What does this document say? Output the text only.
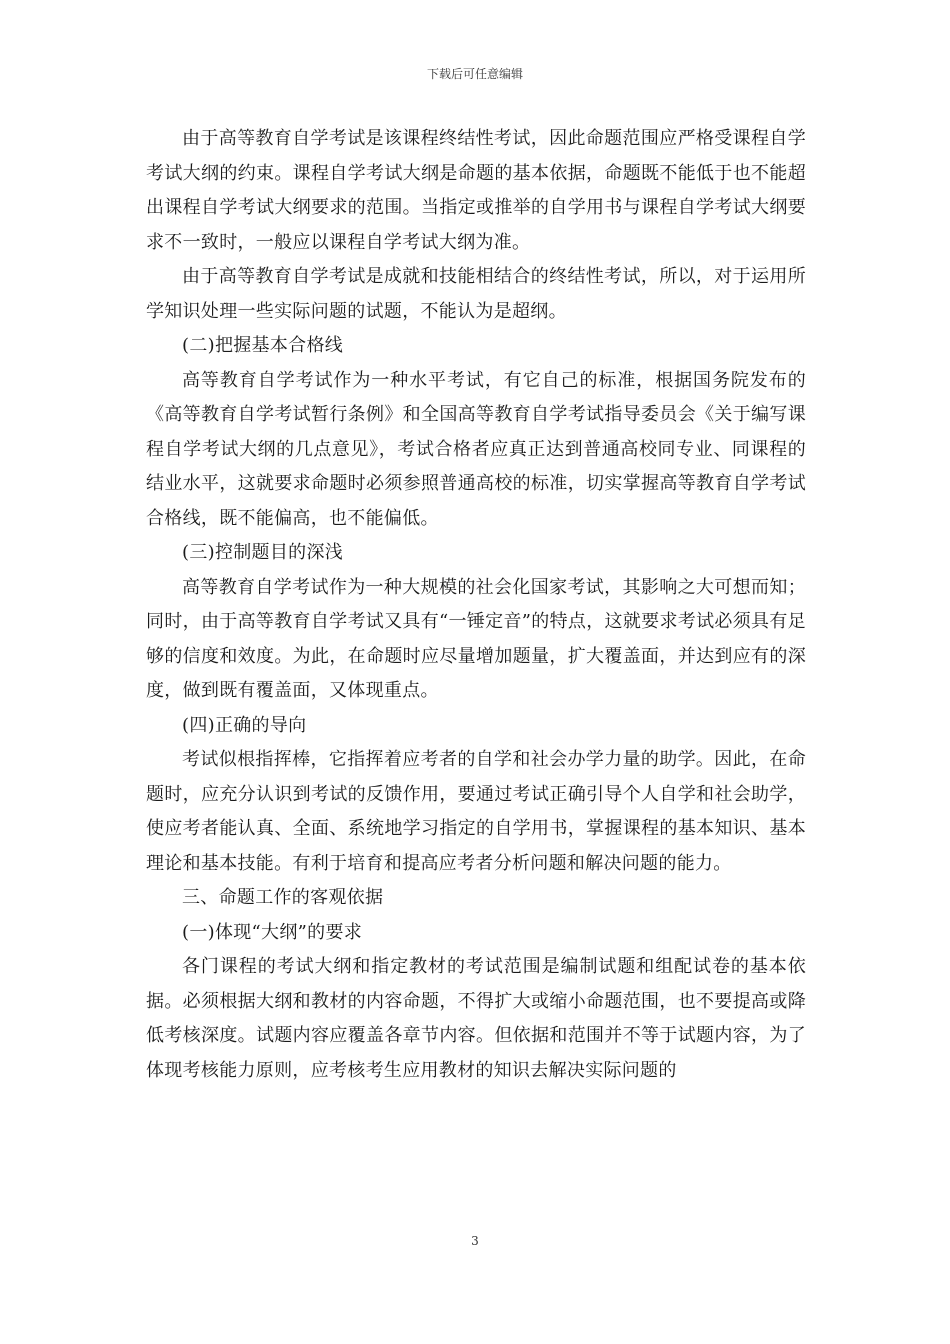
下载后可任意编辑

由于高等教育自学考试是该课程终结性考试，因此命题范围应严格受课程自学考试大纲的约束。课程自学考试大纲是命题的基本依据，命题既不能低于也不能超出课程自学考试大纲要求的范围。当指定或推举的自学用书与课程自学考试大纲要求不一致时，一般应以课程自学考试大纲为准。

由于高等教育自学考试是成就和技能相结合的终结性考试，所以，对于运用所学知识处理一些实际问题的试题，不能认为是超纲。

(二)把握基本合格线

高等教育自学考试作为一种水平考试，有它自己的标准，根据国务院发布的《高等教育自学考试暂行条例》和全国高等教育自学考试指导委员会《关于编写课程自学考试大纲的几点意见》，考试合格者应真正达到普通高校同专业、同课程的结业水平，这就要求命题时必须参照普通高校的标准，切实掌握高等教育自学考试合格线，既不能偏高，也不能偏低。

(三)控制题目的深浅

高等教育自学考试作为一种大规模的社会化国家考试，其影响之大可想而知；同时，由于高等教育自学考试又具有“一锤定音”的特点，这就要求考试必须具有足够的信度和效度。为此，在命题时应尽量增加题量，扩大覆盖面，并达到应有的深度，做到既有覆盖面，又体现重点。

(四)正确的导向

考试似根指挥棒，它指挥着应考者的自学和社会办学力量的助学。因此，在命题时，应充分认识到考试的反馈作用，要通过考试正确引导个人自学和社会助学，使应考者能认真、全面、系统地学习指定的自学用书，掌握课程的基本知识、基本理论和基本技能。有利于培育和提高应考者分析问题和解决问题的能力。

三、命题工作的客观依据

(一)体现“大纲”的要求

各门课程的考试大纲和指定教材的考试范围是编制试题和组配试卷的基本依据。必须根据大纲和教材的内容命题，不得扩大或缩小命题范围，也不要提高或降低考核深度。试题内容应覆盖各章节内容。但依据和范围并不等于试题内容，为了体现考核能力原则，应考核考生应用教材的知识去解决实际问题的

3
